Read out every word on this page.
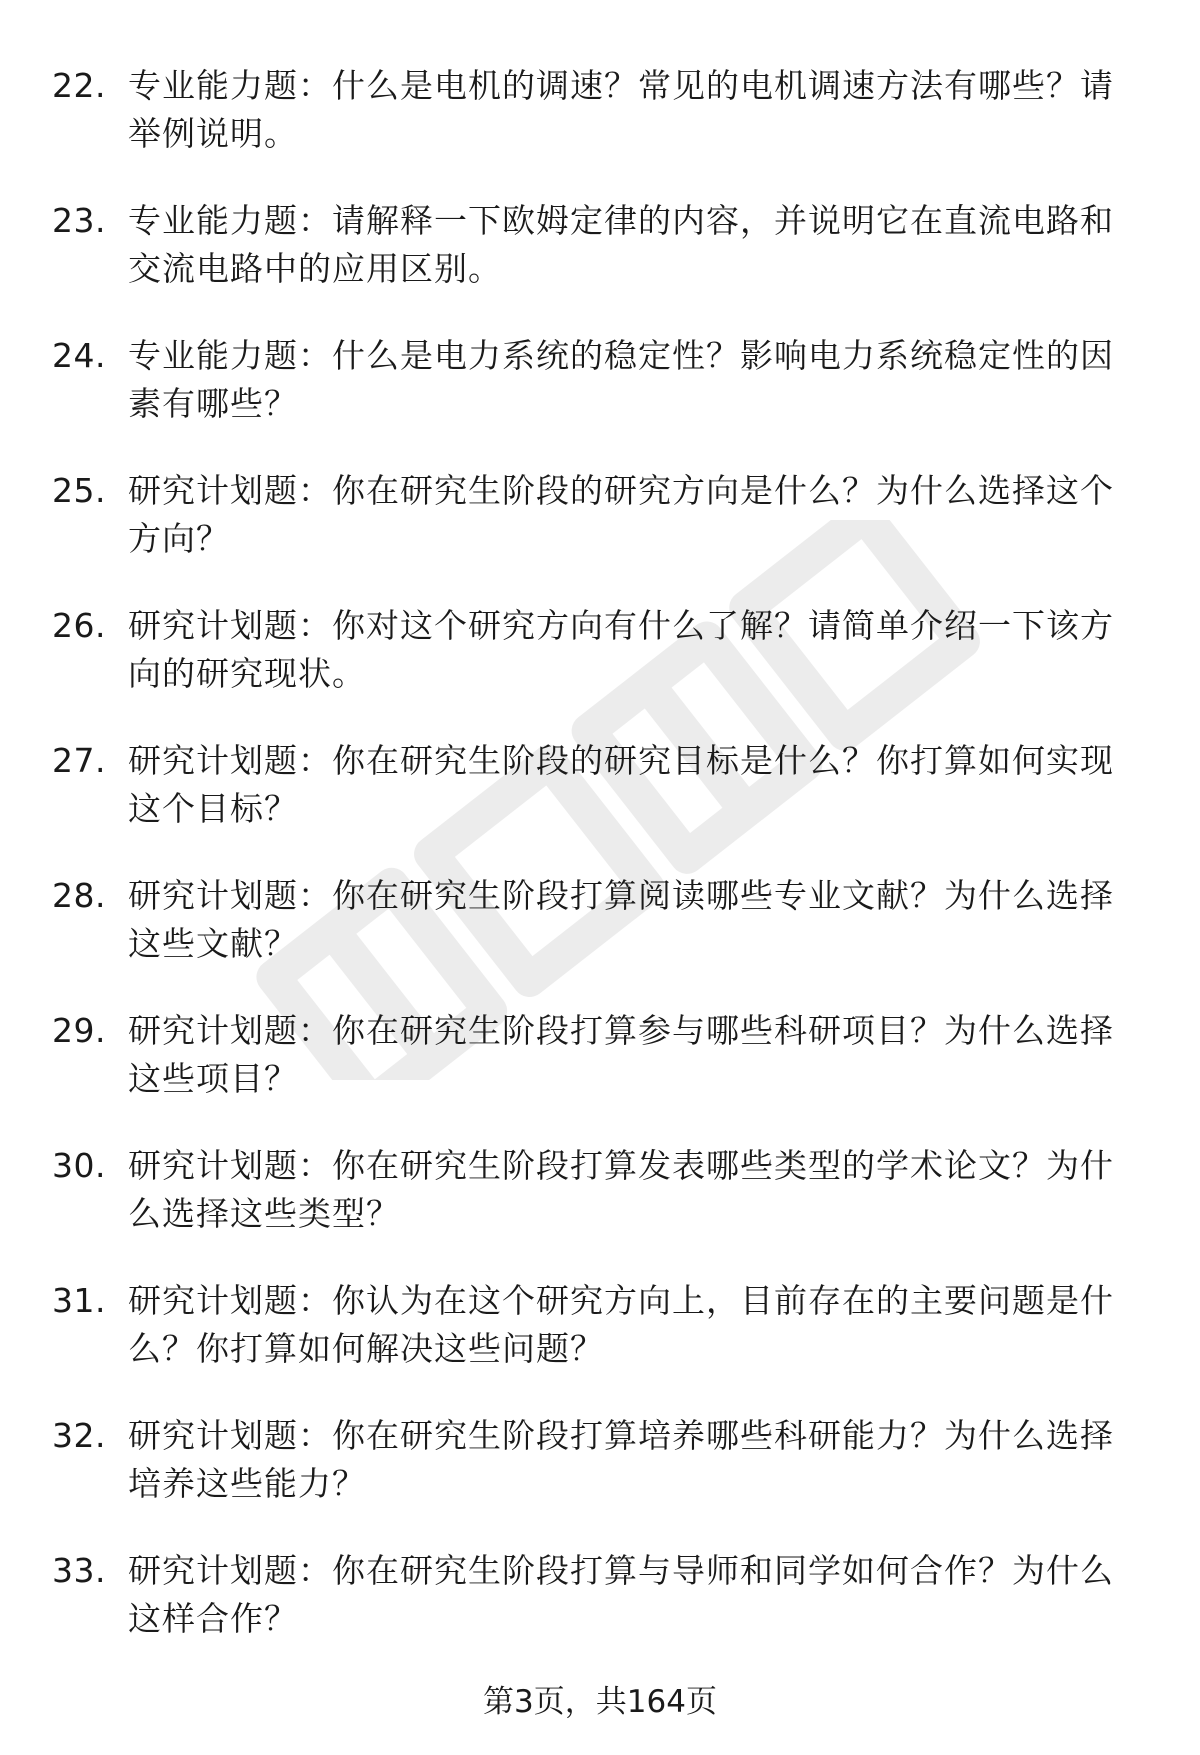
22. 专业能力题：什么是电机的调速？常见的电机调速方法有哪些？请举例说明。
23. 专业能力题：请解释一下欧姆定律的内容，并说明它在直流电路和交流电路中的应用区别。
24. 专业能力题：什么是电力系统的稳定性？影响电力系统稳定性的因素有哪些？
25. 研究计划题：你在研究生阶段的研究方向是什么？为什么选择这个方向？
26. 研究计划题：你对这个研究方向有什么了解？请简单介绍一下该方向的研究现状。
27. 研究计划题：你在研究生阶段的研究目标是什么？你打算如何实现这个目标？
28. 研究计划题：你在研究生阶段打算阅读哪些专业文献？为什么选择这些文献？
29. 研究计划题：你在研究生阶段打算参与哪些科研项目？为什么选择这些项目？
30. 研究计划题：你在研究生阶段打算发表哪些类型的学术论文？为什么选择这些类型？
31. 研究计划题：你认为在这个研究方向上，目前存在的主要问题是什么？你打算如何解决这些问题？
32. 研究计划题：你在研究生阶段打算培养哪些科研能力？为什么选择培养这些能力？
33. 研究计划题：你在研究生阶段打算与导师和同学如何合作？为什么这样合作？
第3页，共164页
